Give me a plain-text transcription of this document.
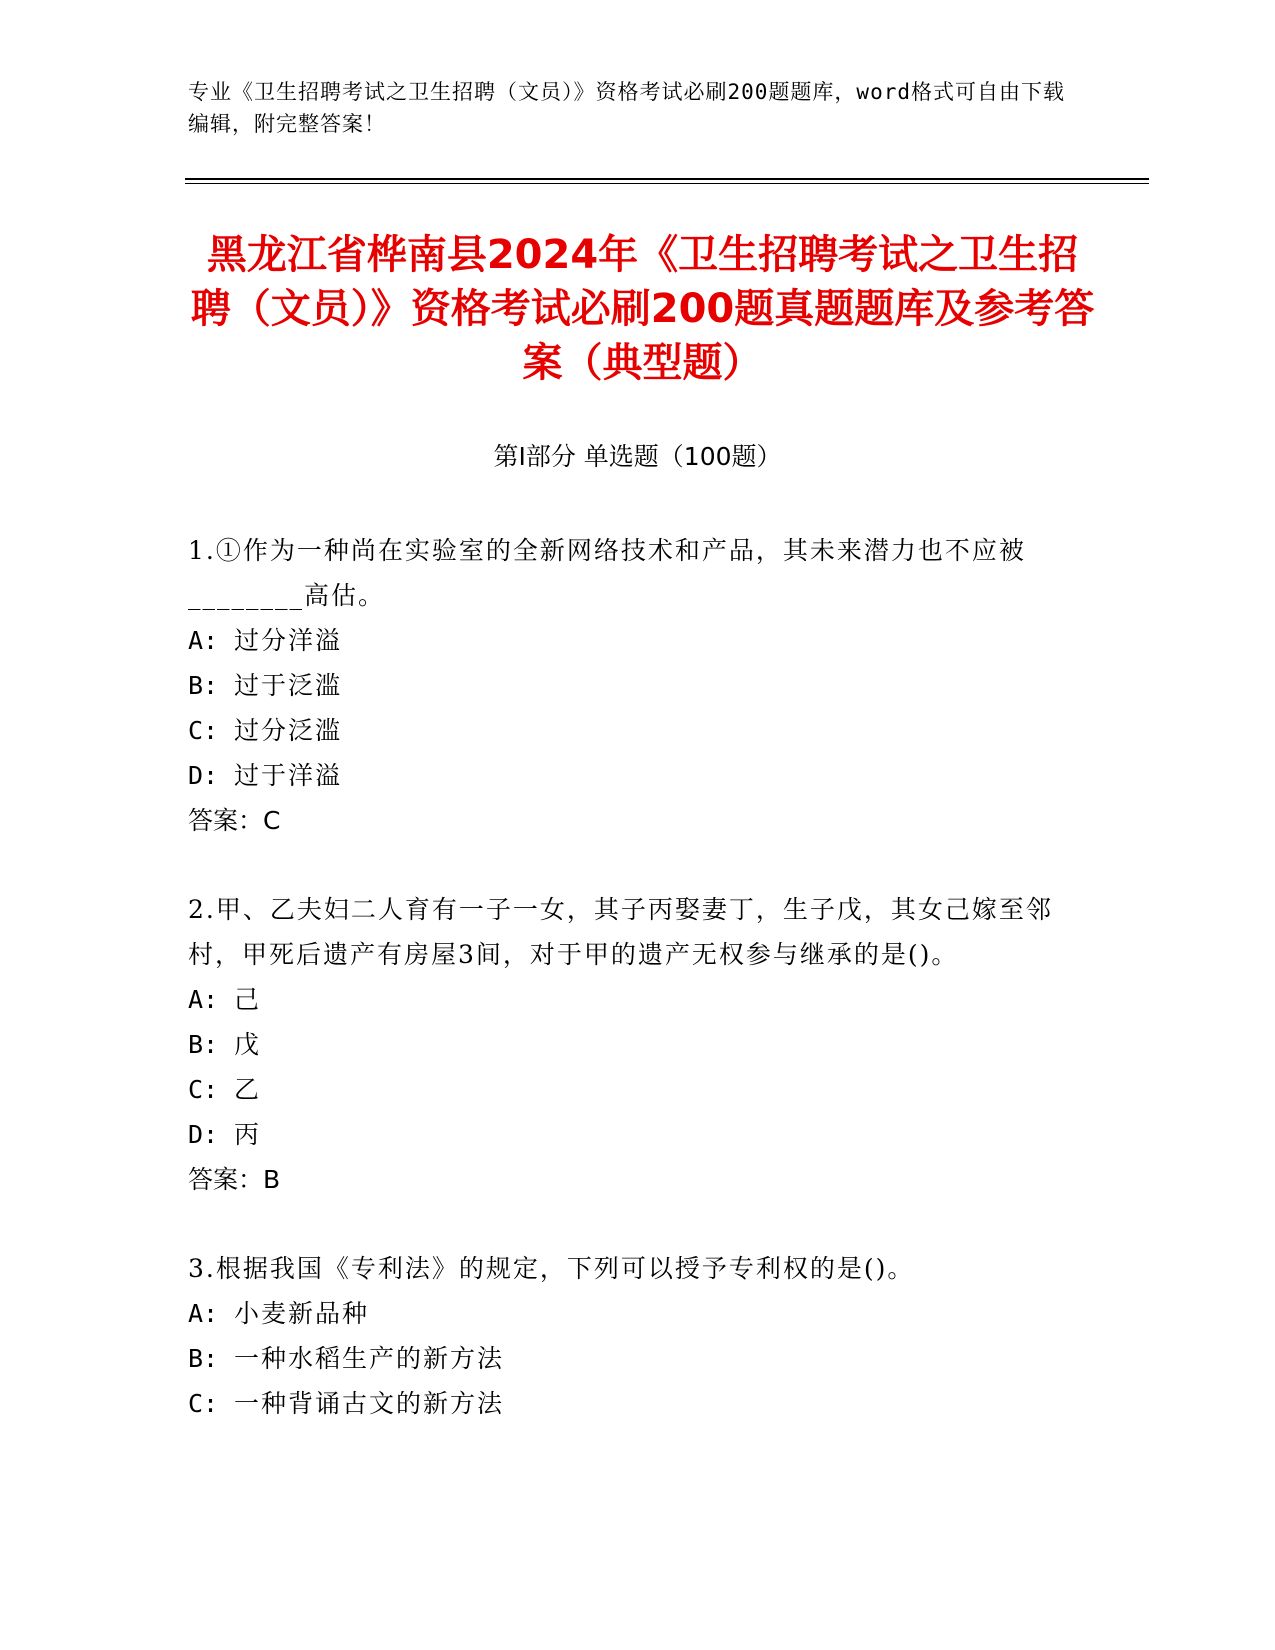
专业《卫生招聘考试之卫生招聘（文员）》资格考试必刷200题题库，word格式可自由下载编辑，附完整答案！
黑龙江省桦南县2024年《卫生招聘考试之卫生招聘（文员）》资格考试必刷200题真题题库及参考答案（典型题）
第I部分 单选题（100题）

1.①作为一种尚在实验室的全新网络技术和产品，其未来潜力也不应被________高估。

A: 过分洋溢

B: 过于泛滥

C: 过分泛滥

D: 过于洋溢

答案：C

2.甲、乙夫妇二人育有一子一女，其子丙娶妻丁，生子戊，其女己嫁至邻村，甲死后遗产有房屋3间，对于甲的遗产无权参与继承的是()。

A: 己

B: 戊

C: 乙

D: 丙

答案：B

3.根据我国《专利法》的规定，下列可以授予专利权的是()。

A: 小麦新品种

B: 一种水稻生产的新方法

C: 一种背诵古文的新方法
